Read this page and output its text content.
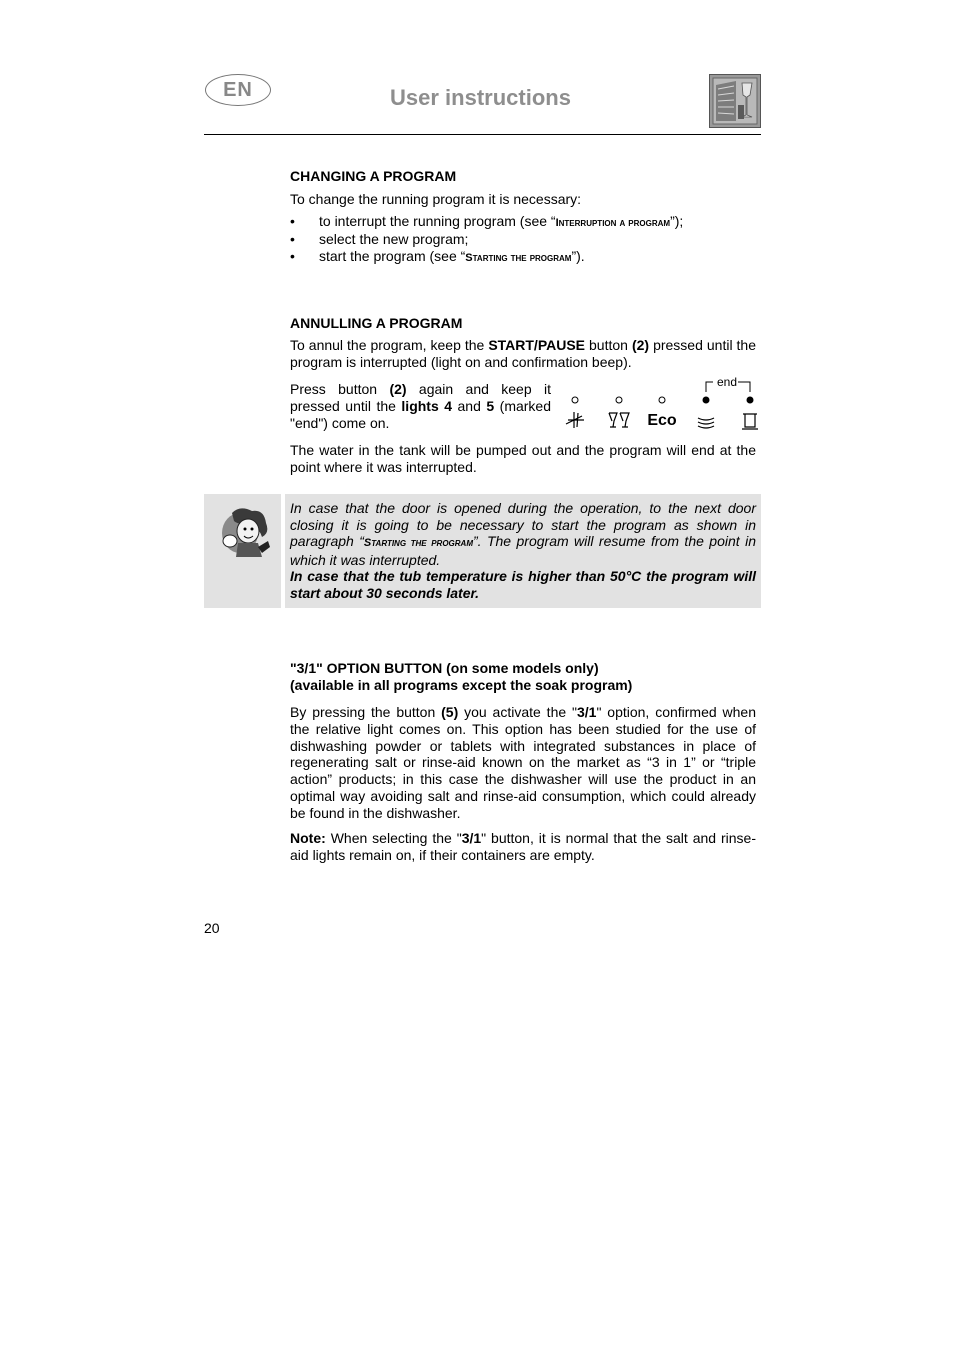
EN	User instructions
CHANGING A PROGRAM
To change the running program it is necessary:
• to interrupt the running program (see “Interruption a program”);
• select the new program;
• start the program (see “Starting the program”).
ANNULLING A PROGRAM
To annul the program, keep the START/PAUSE button (2) pressed until the program is interrupted (light on and confirmation beep).
Press button (2) again and keep it pressed until the lights 4 and 5 (marked "end") come on.
end
Eco
The water in the tank will be pumped out and the program will end at the point where it was interrupted.
In case that the door is opened during the operation, to the next door closing it is going to be necessary to start the program as shown in paragraph “Starting the program”. The program will resume from the point in which it was interrupted.
In case that the tub temperature is higher than 50°C the program will start about 30 seconds later.
"3/1" OPTION BUTTON (on some models only)
(available in all programs except the soak program)
By pressing the button (5) you activate the "3/1" option, confirmed when the relative light comes on. This option has been studied for the use of dishwashing powder or tablets with integrated substances in place of regenerating salt or rinse-aid known on the market as “3 in 1” or “triple action” products; in this case the dishwasher will use the product in an optimal way avoiding salt and rinse-aid consumption, which could already be found in the dishwasher.
Note: When selecting the "3/1" button, it is normal that the salt and rinse-aid lights remain on, if their containers are empty.
20
